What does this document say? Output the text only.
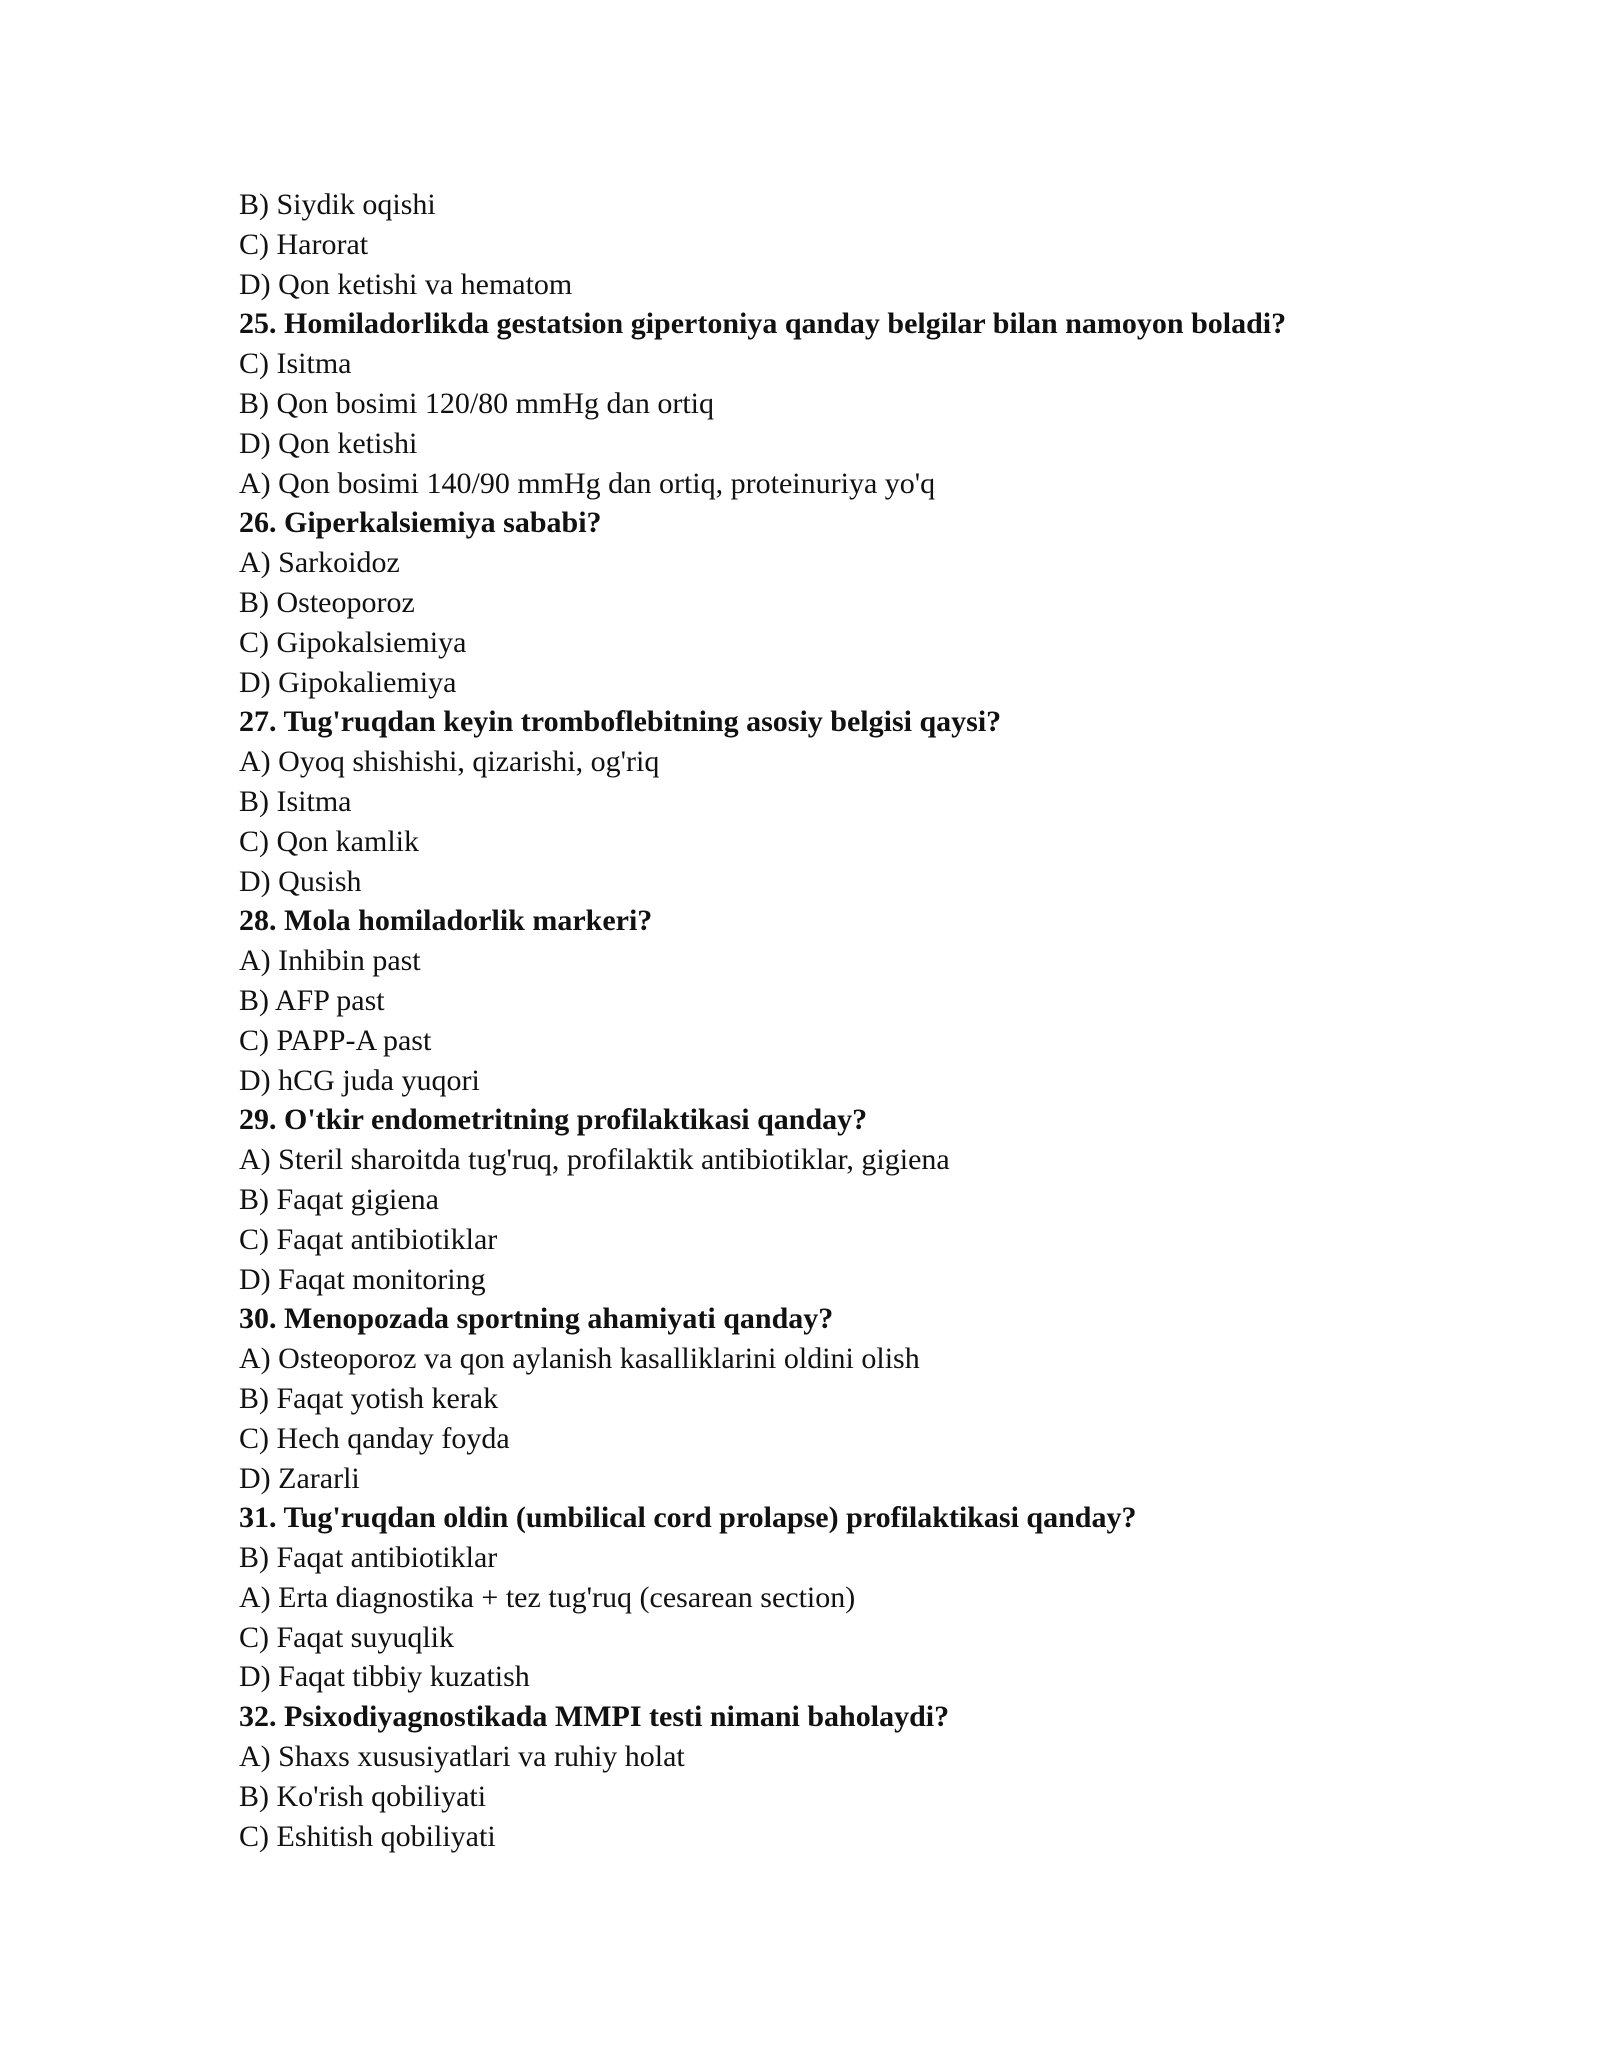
B) Siydik oqishi
C) Harorat
D) Qon ketishi va hematom
25. Homiladorlikda gestatsion gipertoniya qanday belgilar bilan namoyon boladi?
C) Isitma
B) Qon bosimi 120/80 mmHg dan ortiq
D) Qon ketishi
A) Qon bosimi 140/90 mmHg dan ortiq, proteinuriya yo'q
26. Giperkalsiemiya sababi?
A) Sarkoidoz
B) Osteoporoz
C) Gipokalsiemiya
D) Gipokaliemiya
27. Tug'ruqdan keyin tromboflebitning asosiy belgisi qaysi?
A) Oyoq shishishi, qizarishi, og'riq
B) Isitma
C) Qon kamlik
D) Qusish
28. Mola homiladorlik markeri?
A) Inhibin past
B) AFP past
C) PAPP-A past
D) hCG juda yuqori
29. O'tkir endometritning profilaktikasi qanday?
A) Steril sharoitda tug'ruq, profilaktik antibiotiklar, gigiena
B) Faqat gigiena
C) Faqat antibiotiklar
D) Faqat monitoring
30. Menopozada sportning ahamiyati qanday?
A) Osteoporoz va qon aylanish kasalliklarini oldini olish
B) Faqat yotish kerak
C) Hech qanday foyda
D) Zararli
31. Tug'ruqdan oldin (umbilical cord prolapse) profilaktikasi qanday?
B) Faqat antibiotiklar
A) Erta diagnostika + tez tug'ruq (cesarean section)
C) Faqat suyuqlik
D) Faqat tibbiy kuzatish
32. Psixodiyagnostikada MMPI testi nimani baholaydi?
A) Shaxs xususiyatlari va ruhiy holat
B) Ko'rish qobiliyati
C) Eshitish qobiliyati
